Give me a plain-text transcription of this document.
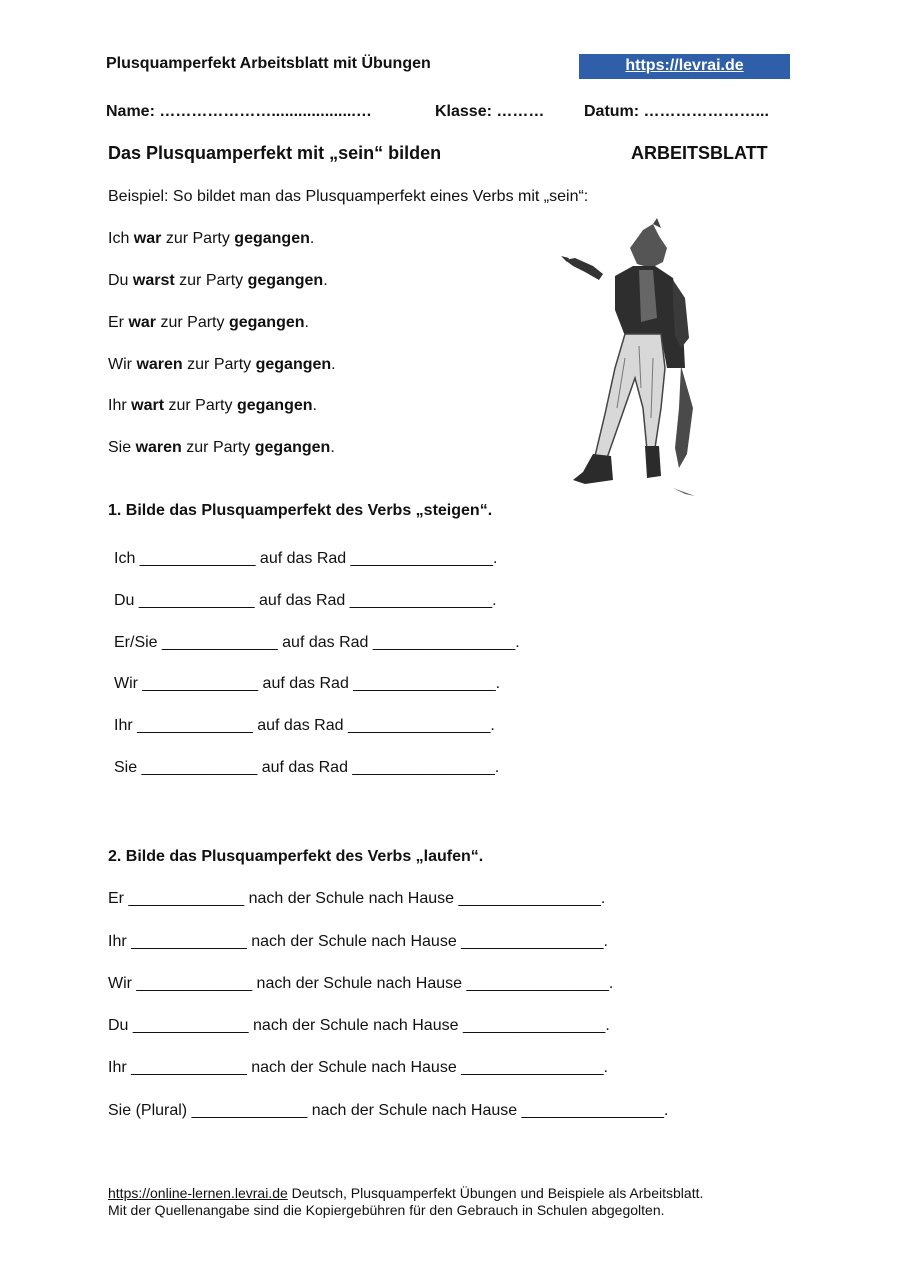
Plusquamperfekt Arbeitsblatt mit Übungen	https://levrai.de
Name: …………………...................…	Klasse: ……… Datum: …………………...
Das Plusquamperfekt mit „sein“ bilden	ARBEITSBLATT
Beispiel: So bildet man das Plusquamperfekt eines Verbs mit „sein“:
Ich war zur Party gegangen.
Du warst zur Party gegangen.
Er war zur Party gegangen.
Wir waren zur Party gegangen.
Ihr wart zur Party gegangen.
Sie waren zur Party gegangen.
1. Bilde das Plusquamperfekt des Verbs „steigen“.
Ich _____________ auf das Rad ________________.
Du _____________ auf das Rad ________________.
Er/Sie _____________ auf das Rad ________________.
Wir _____________ auf das Rad ________________.
Ihr _____________ auf das Rad ________________.
Sie _____________ auf das Rad ________________.
2. Bilde das Plusquamperfekt des Verbs „laufen“.
Er _____________ nach der Schule nach Hause ________________.
Ihr _____________ nach der Schule nach Hause ________________.
Wir _____________ nach der Schule nach Hause ________________.
Du _____________ nach der Schule nach Hause ________________.
Ihr _____________ nach der Schule nach Hause ________________.
Sie (Plural) _____________ nach der Schule nach Hause ________________.
https://online-lernen.levrai.de Deutsch, Plusquamperfekt Übungen und Beispiele als Arbeitsblatt.
Mit der Quellenangabe sind die Kopiergebühren für den Gebrauch in Schulen abgegolten.
